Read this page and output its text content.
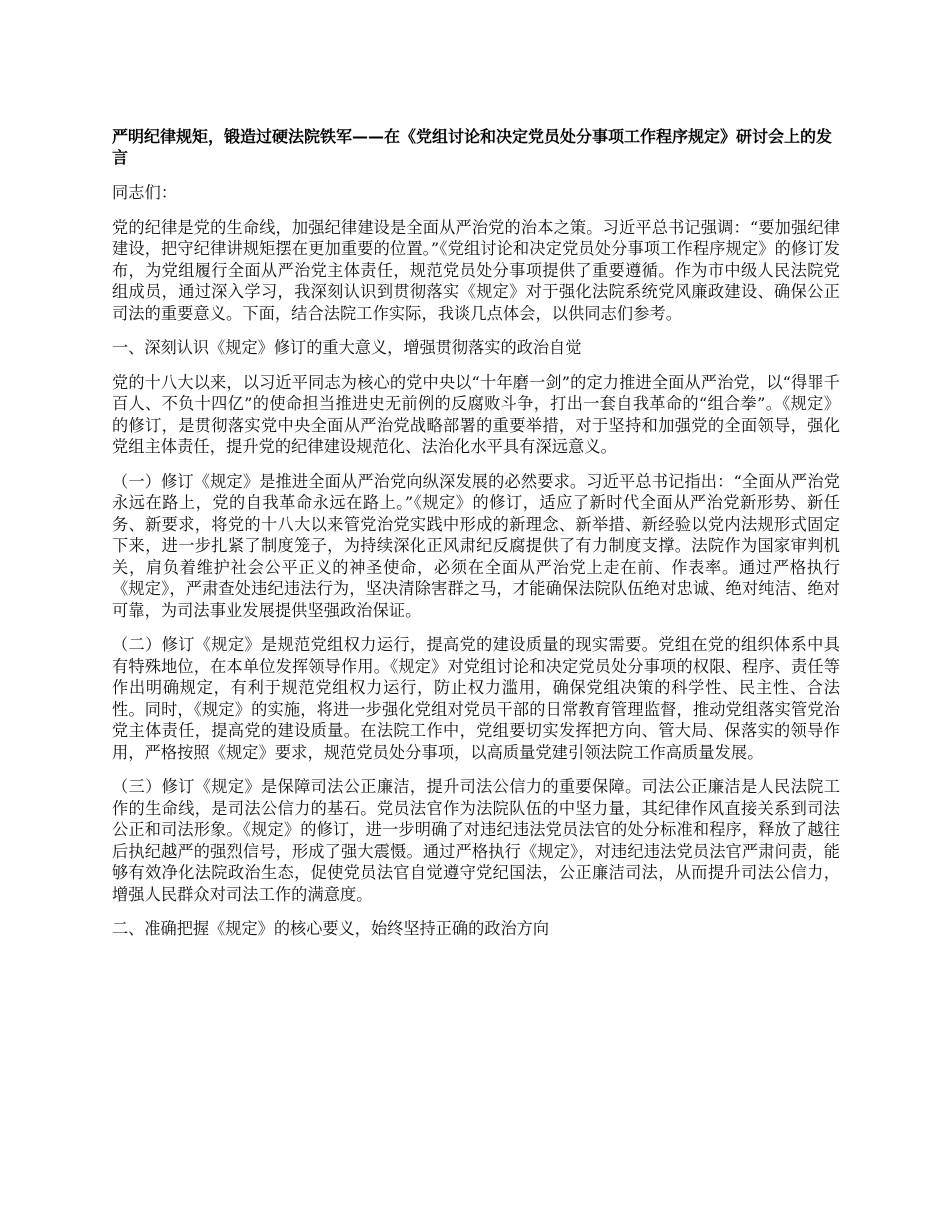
严明纪律规矩，锻造过硬法院铁军——在《党组讨论和决定党员处分事项工作程序规定》研讨会上的发言

同志们：

党的纪律是党的生命线，加强纪律建设是全面从严治党的治本之策。习近平总书记强调：“要加强纪律建设，把守纪律讲规矩摆在更加重要的位置。”《党组讨论和决定党员处分事项工作程序规定》的修订发布，为党组履行全面从严治党主体责任，规范党员处分事项提供了重要遵循。作为市中级人民法院党组成员，通过深入学习，我深刻认识到贯彻落实《规定》对于强化法院系统党风廉政建设、确保公正司法的重要意义。下面，结合法院工作实际，我谈几点体会，以供同志们参考。

一、深刻认识《规定》修订的重大意义，增强贯彻落实的政治自觉

党的十八大以来，以习近平同志为核心的党中央以“十年磨一剑”的定力推进全面从严治党，以“得罪千百人、不负十四亿”的使命担当推进史无前例的反腐败斗争，打出一套自我革命的“组合拳”。《规定》的修订，是贯彻落实党中央全面从严治党战略部署的重要举措，对于坚持和加强党的全面领导，强化党组主体责任，提升党的纪律建设规范化、法治化水平具有深远意义。

（一）修订《规定》是推进全面从严治党向纵深发展的必然要求。习近平总书记指出：“全面从严治党永远在路上，党的自我革命永远在路上。”《规定》的修订，适应了新时代全面从严治党新形势、新任务、新要求，将党的十八大以来管党治党实践中形成的新理念、新举措、新经验以党内法规形式固定下来，进一步扎紧了制度笼子，为持续深化正风肃纪反腐提供了有力制度支撑。法院作为国家审判机关，肩负着维护社会公平正义的神圣使命，必须在全面从严治党上走在前、作表率。通过严格执行《规定》，严肃查处违纪违法行为，坚决清除害群之马，才能确保法院队伍绝对忠诚、绝对纯洁、绝对可靠，为司法事业发展提供坚强政治保证。

（二）修订《规定》是规范党组权力运行，提高党的建设质量的现实需要。党组在党的组织体系中具有特殊地位，在本单位发挥领导作用。《规定》对党组讨论和决定党员处分事项的权限、程序、责任等作出明确规定，有利于规范党组权力运行，防止权力滥用，确保党组决策的科学性、民主性、合法性。同时，《规定》的实施，将进一步强化党组对党员干部的日常教育管理监督，推动党组落实管党治党主体责任，提高党的建设质量。在法院工作中，党组要切实发挥把方向、管大局、保落实的领导作用，严格按照《规定》要求，规范党员处分事项，以高质量党建引领法院工作高质量发展。

（三）修订《规定》是保障司法公正廉洁，提升司法公信力的重要保障。司法公正廉洁是人民法院工作的生命线，是司法公信力的基石。党员法官作为法院队伍的中坚力量，其纪律作风直接关系到司法公正和司法形象。《规定》的修订，进一步明确了对违纪违法党员法官的处分标准和程序，释放了越往后执纪越严的强烈信号，形成了强大震慑。通过严格执行《规定》，对违纪违法党员法官严肃问责，能够有效净化法院政治生态，促使党员法官自觉遵守党纪国法，公正廉洁司法，从而提升司法公信力，增强人民群众对司法工作的满意度。

二、准确把握《规定》的核心要义，始终坚持正确的政治方向
